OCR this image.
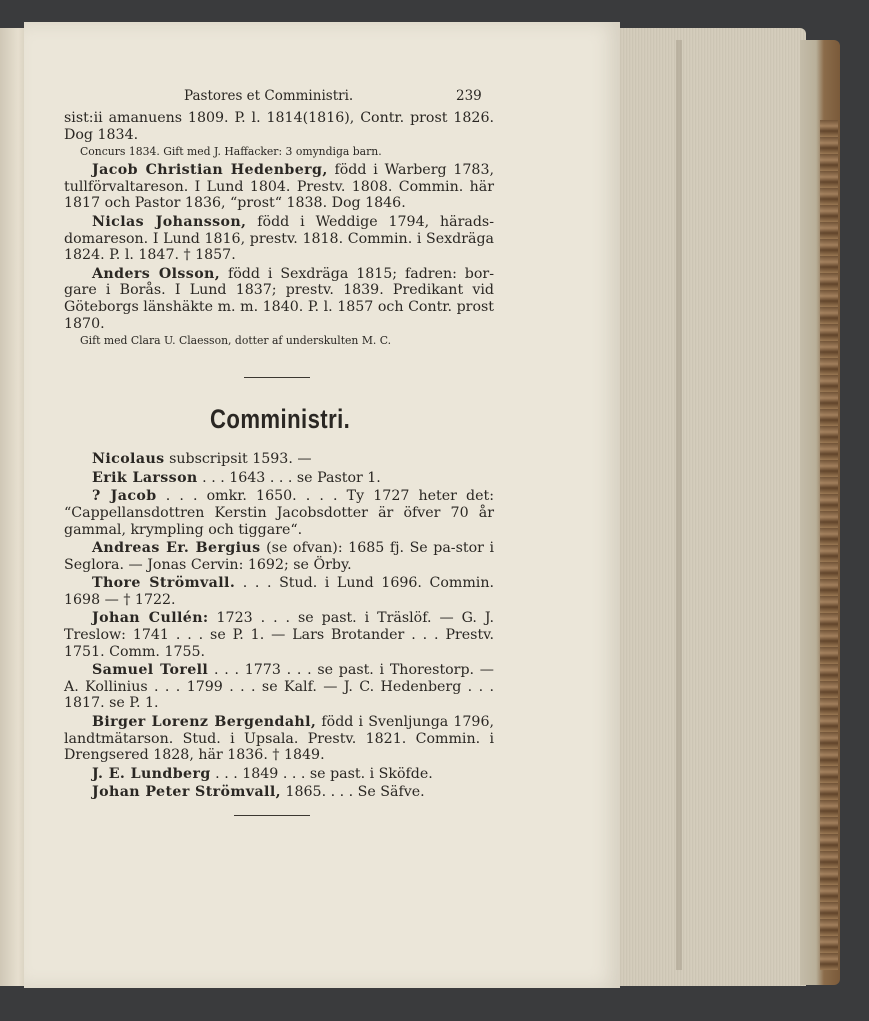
Pastores et Comministri.	239

sist:ii amanuens 1809. P. l. 1814(1816), Contr. prost 1826. Dog 1834.

Concurs 1834. Gift med J. Haffacker: 3 omyndiga barn.

Jacob Christian Hedenberg, född i Warberg 1783, tullförvaltareson. I Lund 1804. Prestv. 1808. Commin. här 1817 och Pastor 1836, “prost“ 1838. Dog 1846.

Niclas Johansson, född i Weddige 1794, härads-domareson. I Lund 1816, prestv. 1818. Commin. i Sexdräga 1824. P. l. 1847. † 1857.

Anders Olsson, född i Sexdräga 1815; fadren: bor-gare i Borås. I Lund 1837; prestv. 1839. Predikant vid Göteborgs länshäkte m. m. 1840. P. l. 1857 och Contr. prost 1870.

Gift med Clara U. Claesson, dotter af underskulten M. C.

Comministri.

Nicolaus subscripsit 1593. —

Erik Larsson . . . 1643 . . . se Pastor 1.

? Jacob . . . omkr. 1650. . . . Ty 1727 heter det: “Cappellansdottren Kerstin Jacobsdotter är öfver 70 år gammal, krympling och tiggare“.

Andreas Er. Bergius (se ofvan): 1685 fj. Se pa-stor i Seglora. — Jonas Cervin: 1692; se Örby.

Thore Strömvall. . . . Stud. i Lund 1696. Commin. 1698 — † 1722.

Johan Cullén: 1723 . . . se past. i Träslöf. — G. J. Treslow: 1741 . . . se P. 1. — Lars Brotander . . . Prestv. 1751. Comm. 1755.

Samuel Torell . . . 1773 . . . se past. i Thorestorp. — A. Kollinius . . . 1799 . . . se Kalf. — J. C. Hedenberg . . . 1817. se P. 1.

Birger Lorenz Bergendahl, född i Svenljunga 1796, landtmätarson. Stud. i Upsala. Prestv. 1821. Commin. i Drengsered 1828, här 1836. † 1849.

J. E. Lundberg . . . 1849 . . . se past. i Sköfde.

Johan Peter Strömvall, 1865. . . . Se Säfve.
